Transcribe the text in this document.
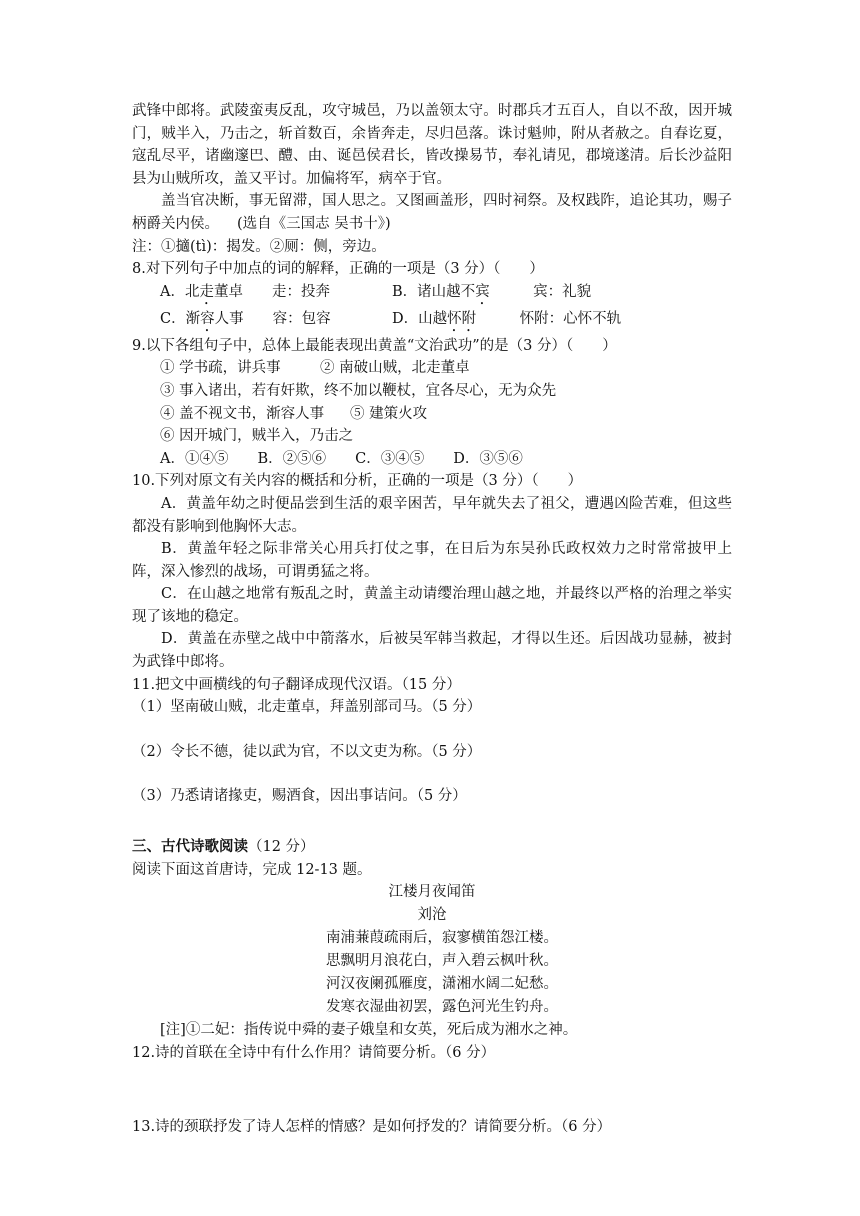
武锋中郎将。武陵蛮夷反乱，攻守城邑，乃以盖领太守。时郡兵才五百人，自以不敌，因开城门，贼半入，乃击之，斩首数百，余皆奔走，尽归邑落。诛讨魁帅，附从者赦之。自春讫夏，寇乱尽平，诸幽邃巴、醴、由、诞邑侯君长，皆改操易节，奉礼请见，郡境遂清。后长沙益阳县为山贼所攻，盖又平讨。加偏将军，病卒于官。

盖当官决断，事无留滞，国人思之。又图画盖形，四时祠祭。及权践阼，追论其功，赐子柄爵关内侯。 (选自《三国志 吴书十》)

注：①擿(tì)：揭发。②厕：侧，旁边。

8.对下列句子中加点的词的解释，正确的一项是（3 分）（　　）

A．北走董卓　　 走：投奔	B．诸山越不宾　　　	宾：礼貌
C．渐容人事　　 容：包容	D．山越怀附　　　	怀附：心怀不轨

9.以下各组句子中，总体上最能表现出黄盖“文治武功”的是（3 分）（　　）

① 学书疏，讲兵事	② 南破山贼，北走董卓

③ 事入诸出，若有奸欺，终不加以鞭杖，宜各尽心，无为众先

④ 盖不视文书，渐容人事	⑤ 建策火攻

⑥ 因开城门，贼半入，乃击之

A．①④⑤　　B．②⑤⑥　　C．③④⑤　　D．③⑤⑥

10.下列对原文有关内容的概括和分析，正确的一项是（3 分）（　　）

A．黄盖年幼之时便品尝到生活的艰辛困苦，早年就失去了祖父，遭遇凶险苦难，但这些都没有影响到他胸怀大志。

B．黄盖年轻之际非常关心用兵打仗之事，在日后为东吴孙氏政权效力之时常常披甲上阵，深入惨烈的战场，可谓勇猛之将。

C．在山越之地常有叛乱之时，黄盖主动请缨治理山越之地，并最终以严格的治理之举实现了该地的稳定。

D．黄盖在赤壁之战中中箭落水，后被吴军韩当救起，才得以生还。后因战功显赫，被封为武锋中郎将。

11.把文中画横线的句子翻译成现代汉语。（15 分）

（1）坚南破山贼，北走董卓，拜盖别部司马。（5 分）

（2）令长不德，徒以武为官，不以文吏为称。（5 分）

（3）乃悉请诸掾吏，赐酒食，因出事诘问。（5 分）

三、古代诗歌阅读（12 分）

阅读下面这首唐诗，完成 12-13 题。

江楼月夜闻笛

刘沧

南浦蒹葭疏雨后，寂寥横笛怨江楼。

思飘明月浪花白，声入碧云枫叶秋。

河汉夜阑孤雁度，潇湘水阔二妃愁。

发寒衣湿曲初罢，露色河光生钓舟。

[注]①二妃：指传说中舜的妻子娥皇和女英，死后成为湘水之神。

12.诗的首联在全诗中有什么作用？请简要分析。（6 分）

13.诗的颈联抒发了诗人怎样的情感？是如何抒发的？请简要分析。（6 分）
